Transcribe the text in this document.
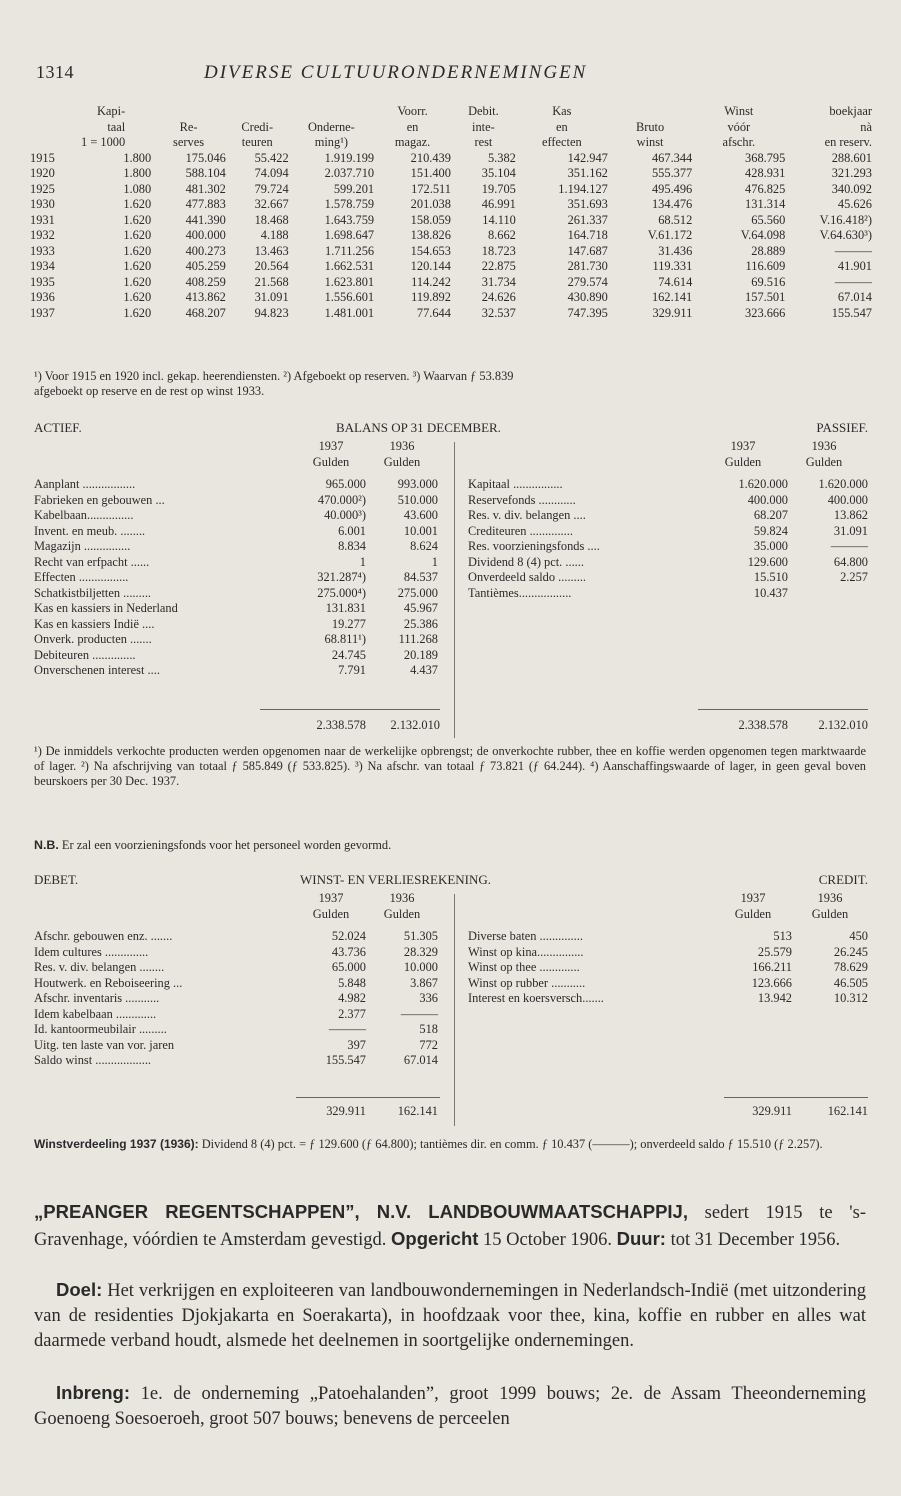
1314	DIVERSE CULTUURONDERNEMINGEN
Kapi-					Voorr.	Debit.	Kas		Winst	boekjaar
taal		Re-	Credi-	Onderne-	en	inte-	en	Bruto	vóór	nà
1 = 1000		serves	teuren	ming¹)	magaz.	rest	effecten	winst	afschr.	en reserv.
1915	1.800	175.046	55.422	1.919.199	210.439	5.382	142.947	467.344	368.795	288.601
1920	1.800	588.104	74.094	2.037.710	151.400	35.104	351.162	555.377	428.931	321.293
1925	1.080	481.302	79.724	599.201	172.511	19.705	1.194.127	495.496	476.825	340.092
1930	1.620	477.883	32.667	1.578.759	201.038	46.991	351.693	134.476	131.314	45.626
1931	1.620	441.390	18.468	1.643.759	158.059	14.110	261.337	68.512	65.560	V.16.418²)
1932	1.620	400.000	4.188	1.698.647	138.826	8.662	164.718	V.61.172	V.64.098	V.64.630³)
1933	1.620	400.273	13.463	1.711.256	154.653	18.723	147.687	31.436	28.889	———
1934	1.620	405.259	20.564	1.662.531	120.144	22.875	281.730	119.331	116.609	41.901
1935	1.620	408.259	21.568	1.623.801	114.242	31.734	279.574	74.614	69.516	———
1936	1.620	413.862	31.091	1.556.601	119.892	24.626	430.890	162.141	157.501	67.014
1937	1.620	468.207	94.823	1.481.001	77.644	32.537	747.395	329.911	323.666	155.547
¹) Voor 1915 en 1920 incl. gekap. heerendiensten. ²) Afgeboekt op reserven. ³) Waarvan ƒ 53.839
afgeboekt op reserve en de rest op winst 1933.
ACTIEF.	BALANS OP 31 DECEMBER.	PASSIEF.
1937	1936
Gulden	Gulden
1937	1936
Gulden	Gulden
Aanplant .................	965.000	993.000
Fabrieken en gebouwen ...	470.000²)	510.000
Kabelbaan...............	40.000³)	43.600
Invent. en meub. ........	6.001	10.001
Magazijn ...............	8.834	8.624
Recht van erfpacht ......	1	1
Effecten ................	321.287⁴)	84.537
Schatkistbiljetten .........	275.000⁴)	275.000
Kas en kassiers in Nederland	131.831	45.967
Kas en kassiers Indië ....	19.277	25.386
Onverk. producten .......	68.811¹)	111.268
Debiteuren ..............	24.745	20.189
Onverschenen interest ....	7.791	4.437
Kapitaal ................	1.620.000	1.620.000
Reservefonds ............	400.000	400.000
Res. v. div. belangen ....	68.207	13.862
Crediteuren ..............	59.824	31.091
Res. voorzieningsfonds ....	35.000	———
Dividend 8 (4) pct. ......	129.600	64.800
Onverdeeld saldo .........	15.510	2.257
Tantièmes.................	10.437	
2.338.578	2.132.010	2.338.578	2.132.010
¹) De inmiddels verkochte producten werden opgenomen naar de werkelijke opbrengst; de onverkochte rubber, thee en koffie werden opgenomen tegen marktwaarde of lager. ²) Na afschrijving van totaal ƒ 585.849 (ƒ 533.825). ³) Na afschr. van totaal ƒ 73.821 (ƒ 64.244). ⁴) Aanschaffingswaarde of lager, in geen geval boven beurskoers per 30 Dec. 1937.
N.B. Er zal een voorzieningsfonds voor het personeel worden gevormd.
DEBET.	WINST- EN VERLIESREKENING.	CREDIT.
1937	1936
Gulden	Gulden
1937	1936
Gulden	Gulden
Afschr. gebouwen enz. .......	52.024	51.305
Idem cultures ..............	43.736	28.329
Res. v. div. belangen ........	65.000	10.000
Houtwerk. en Reboiseering ...	5.848	3.867
Afschr. inventaris ...........	4.982	336
Idem kabelbaan .............	2.377	———
Id. kantoormeubilair .........	———	518
Uitg. ten laste van vor. jaren	397	772
Saldo winst ..................	155.547	67.014
Diverse baten ..............	513	450
Winst op kina...............	25.579	26.245
Winst op thee .............	166.211	78.629
Winst op rubber ...........	123.666	46.505
Interest en koersversch.......	13.942	10.312
329.911	162.141	329.911	162.141
Winstverdeeling 1937 (1936): Dividend 8 (4) pct. = ƒ 129.600 (ƒ 64.800); tantièmes dir. en comm. ƒ 10.437 (———); onverdeeld saldo ƒ 15.510 (ƒ 2.257).
„PREANGER REGENTSCHAPPEN”, N.V. LANDBOUWMAATSCHAPPIJ, sedert 1915 te 's-Gravenhage, vóórdien te Amsterdam gevestigd. Opgericht 15 October 1906. Duur: tot 31 December 1956.
Doel: Het verkrijgen en exploiteeren van landbouwondernemingen in Nederlandsch-Indië (met uitzondering van de residenties Djokjakarta en Soerakarta), in hoofdzaak voor thee, kina, koffie en rubber en alles wat daarmede verband houdt, alsmede het deelnemen in soortgelijke ondernemingen.
Inbreng: 1e. de onderneming „Patoehalanden”, groot 1999 bouws; 2e. de Assam Theeonderneming Goenoeng Soesoeroeh, groot 507 bouws; benevens de perceelen
